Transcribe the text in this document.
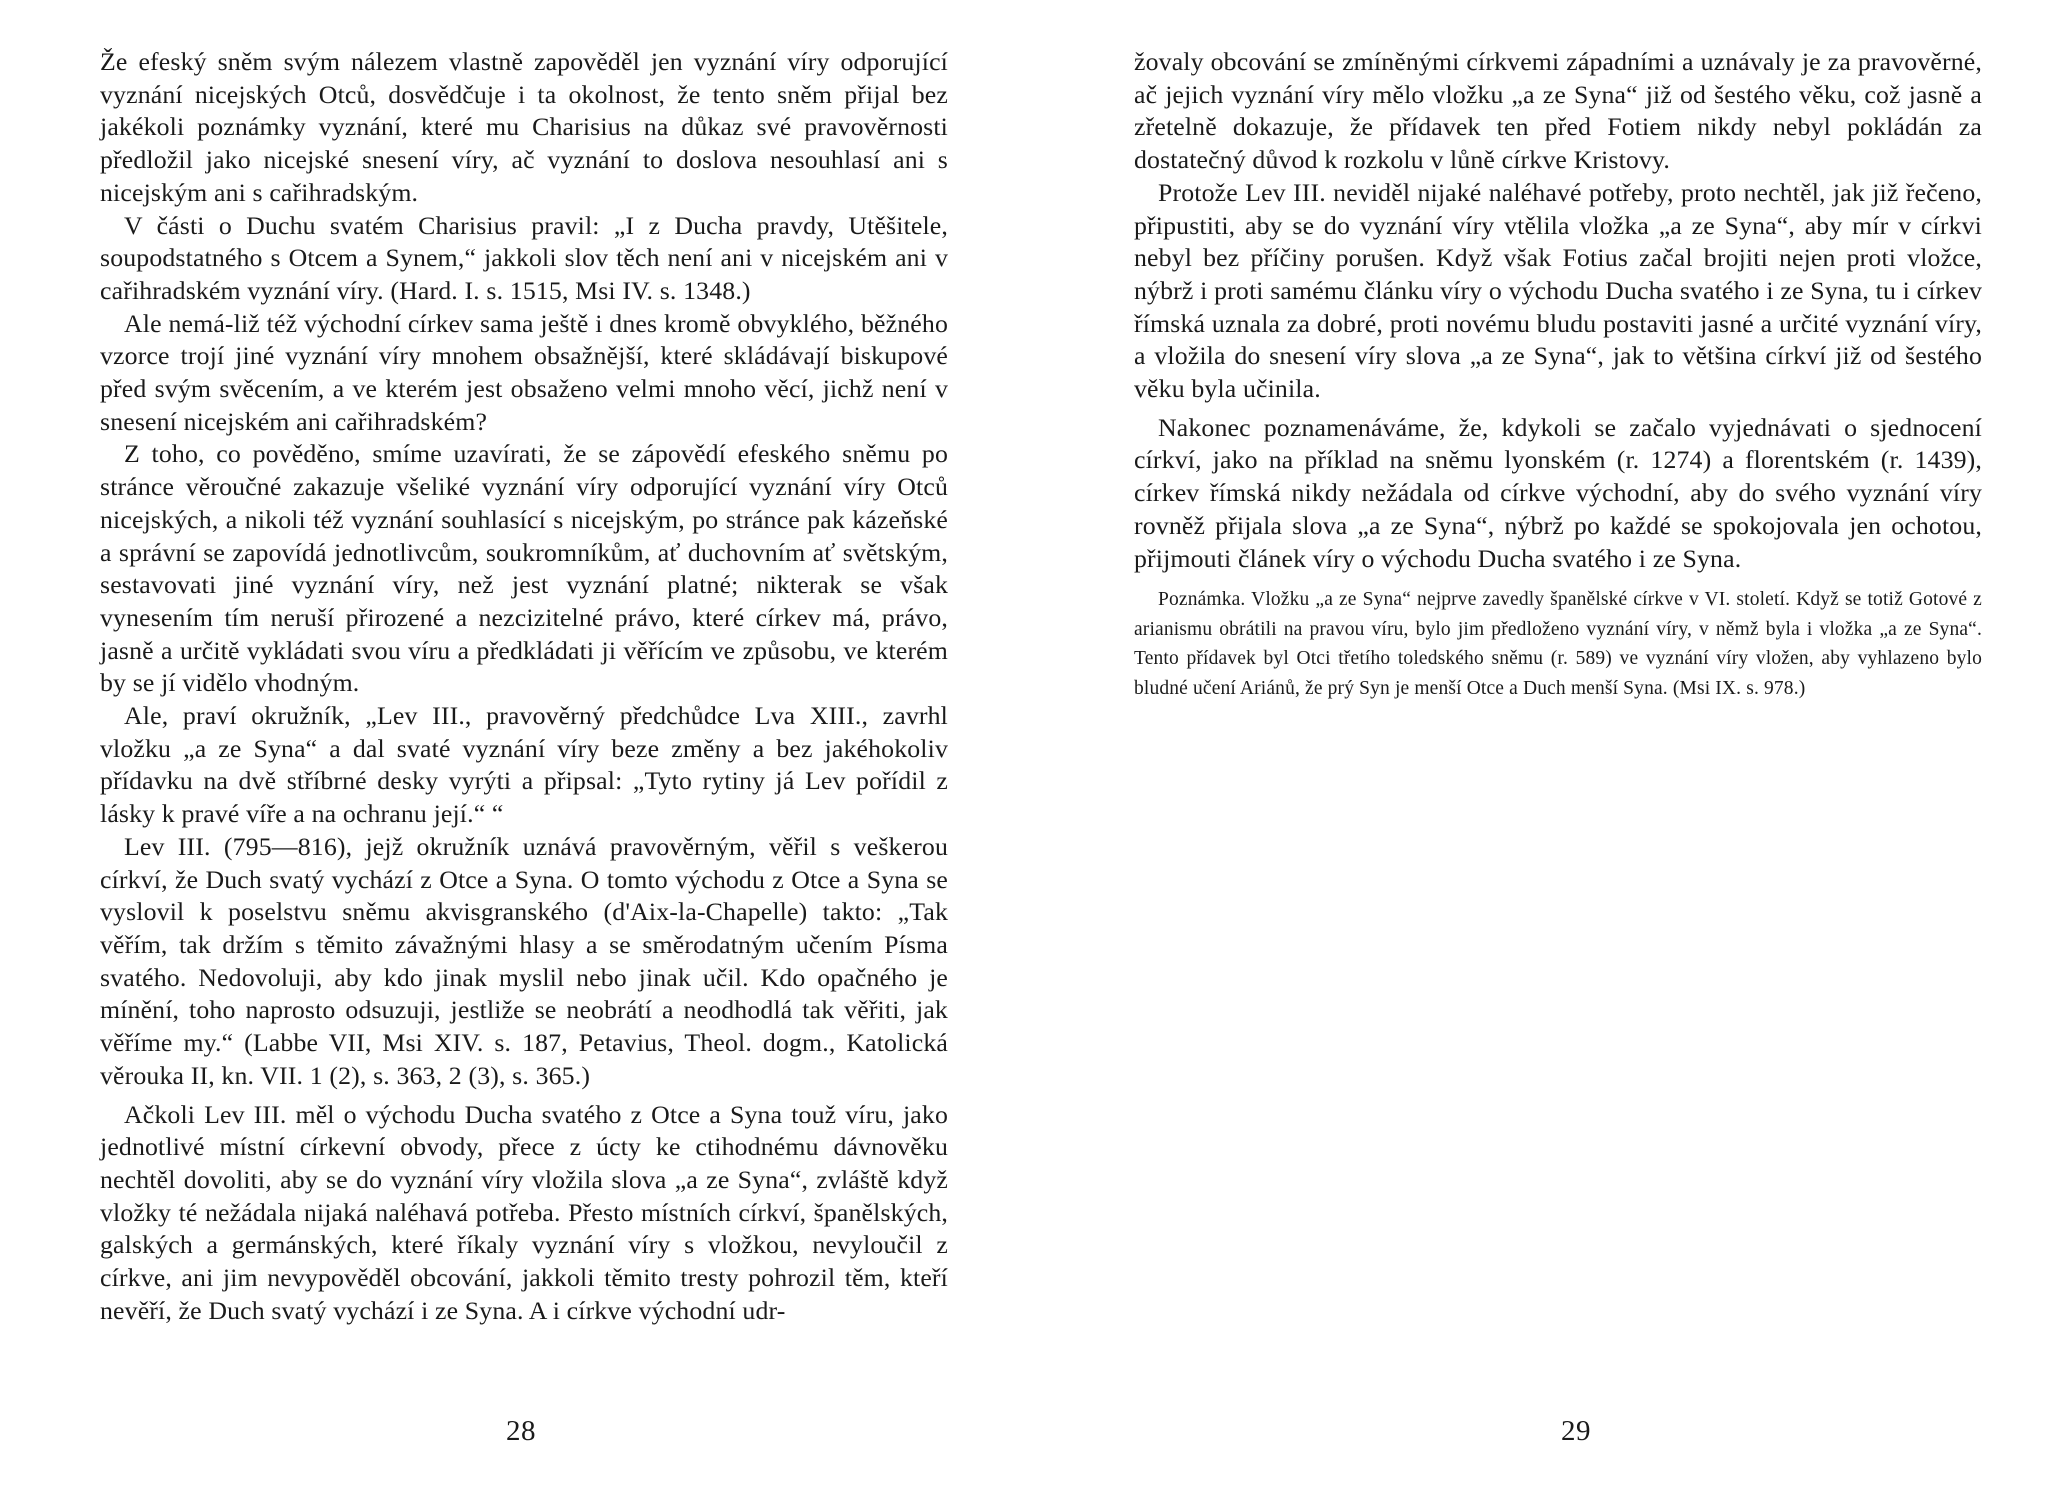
Že efeský sněm svým nálezem vlastně zapověděl jen vyznání víry odporující vyznání nicejských Otců, dosvědčuje i ta okolnost, že tento sněm přijal bez jakékoli poznámky vyznání, které mu Charisius na důkaz své pravověrnosti předložil jako nicejské snesení víry, ač vyznání to doslova nesouhlasí ani s nicejským ani s cařihradským.

V části o Duchu svatém Charisius pravil: „I z Ducha pravdy, Utěšitele, soupodstatného s Otcem a Synem,“ jakkoli slov těch není ani v nicejském ani v cařihradském vyznání víry. (Hard. I. s. 1515, Msi IV. s. 1348.)

Ale nemá-liž též východní církev sama ještě i dnes kromě obvyklého, běžného vzorce trojí jiné vyznání víry mnohem obsažnější, které skládávají biskupové před svým svěcením, a ve kterém jest obsaženo velmi mnoho věcí, jichž není v snesení nicejském ani cařihradském?

Z toho, co pověděno, smíme uzavírati, že se zápovědí efeského sněmu po stránce věroučné zakazuje všeliké vyznání víry odporující vyznání víry Otců nicejských, a nikoli též vyznání souhlasící s nicejským, po stránce pak kázeňské a správní se zapovídá jednotlivcům, soukromníkům, ať duchovním ať světským, sestavovati jiné vyznání víry, než jest vyznání platné; nikterak se však vynesením tím neruší přirozené a nezcizitelné právo, které církev má, právo, jasně a určitě vykládati svou víru a předkládati ji věřícím ve způsobu, ve kterém by se jí vidělo vhodným.

Ale, praví okružník, „Lev III., pravověrný předchůdce Lva XIII., zavrhl vložku „a ze Syna“ a dal svaté vyznání víry beze změny a bez jakéhokoliv přídavku na dvě stříbrné desky vyrýti a připsal: „Tyto rytiny já Lev pořídil z lásky k pravé víře a na ochranu její.“ “

Lev III. (795—816), jejž okružník uznává pravověrným, věřil s veškerou církví, že Duch svatý vychází z Otce a Syna. O tomto východu z Otce a Syna se vyslovil k poselstvu sněmu akvisgranského (d'Aix-la-Chapelle) takto: „Tak věřím, tak držím s těmito závažnými hlasy a se směrodatným učením Písma svatého. Nedovoluji, aby kdo jinak myslil nebo jinak učil. Kdo opačného je mínění, toho naprosto odsuzuji, jestliže se neobrátí a neodhodlá tak věřiti, jak věříme my.“ (Labbe VII, Msi XIV. s. 187, Petavius, Theol. dogm., Katolická věrouka II, kn. VII. 1 (2), s. 363, 2 (3), s. 365.)

Ačkoli Lev III. měl o východu Ducha svatého z Otce a Syna touž víru, jako jednotlivé místní církevní obvody, přece z úcty ke ctihodnému dávnověku nechtěl dovoliti, aby se do vyznání víry vložila slova „a ze Syna“, zvláště když vložky té nežádala nijaká naléhavá potřeba. Přesto místních církví, španělských, galských a germánských, které říkaly vyznání víry s vložkou, nevyloučil z církve, ani jim nevypověděl obcování, jakkoli těmito tresty pohrozil těm, kteří nevěří, že Duch svatý vychází i ze Syna. A i církve východní udr-

28

žovaly obcování se zmíněnými církvemi západními a uznávaly je za pravověrné, ač jejich vyznání víry mělo vložku „a ze Syna“ již od šestého věku, což jasně a zřetelně dokazuje, že přídavek ten před Fotiem nikdy nebyl pokládán za dostatečný důvod k rozkolu v lůně církve Kristovy.

Protože Lev III. neviděl nijaké naléhavé potřeby, proto nechtěl, jak již řečeno, připustiti, aby se do vyznání víry vtělila vložka „a ze Syna“, aby mír v církvi nebyl bez příčiny porušen. Když však Fotius začal brojiti nejen proti vložce, nýbrž i proti samému článku víry o východu Ducha svatého i ze Syna, tu i církev římská uznala za dobré, proti novému bludu postaviti jasné a určité vyznání víry, a vložila do snesení víry slova „a ze Syna“, jak to většina církví již od šestého věku byla učinila.

Nakonec poznamenáváme, že, kdykoli se začalo vyjednávati o sjednocení církví, jako na příklad na sněmu lyonském (r. 1274) a florentském (r. 1439), církev římská nikdy nežádala od církve východní, aby do svého vyznání víry rovněž přijala slova „a ze Syna“, nýbrž po každé se spokojovala jen ochotou, přijmouti článek víry o východu Ducha svatého i ze Syna.

Poznámka. Vložku „a ze Syna“ nejprve zavedly španělské církve v VI. století. Když se totiž Gotové z arianismu obrátili na pravou víru, bylo jim předloženo vyznání víry, v němž byla i vložka „a ze Syna“. Tento přídavek byl Otci třetího toledského sněmu (r. 589) ve vyznání víry vložen, aby vyhlazeno bylo bludné učení Ariánů, že prý Syn je menší Otce a Duch menší Syna. (Msi IX. s. 978.)

29
